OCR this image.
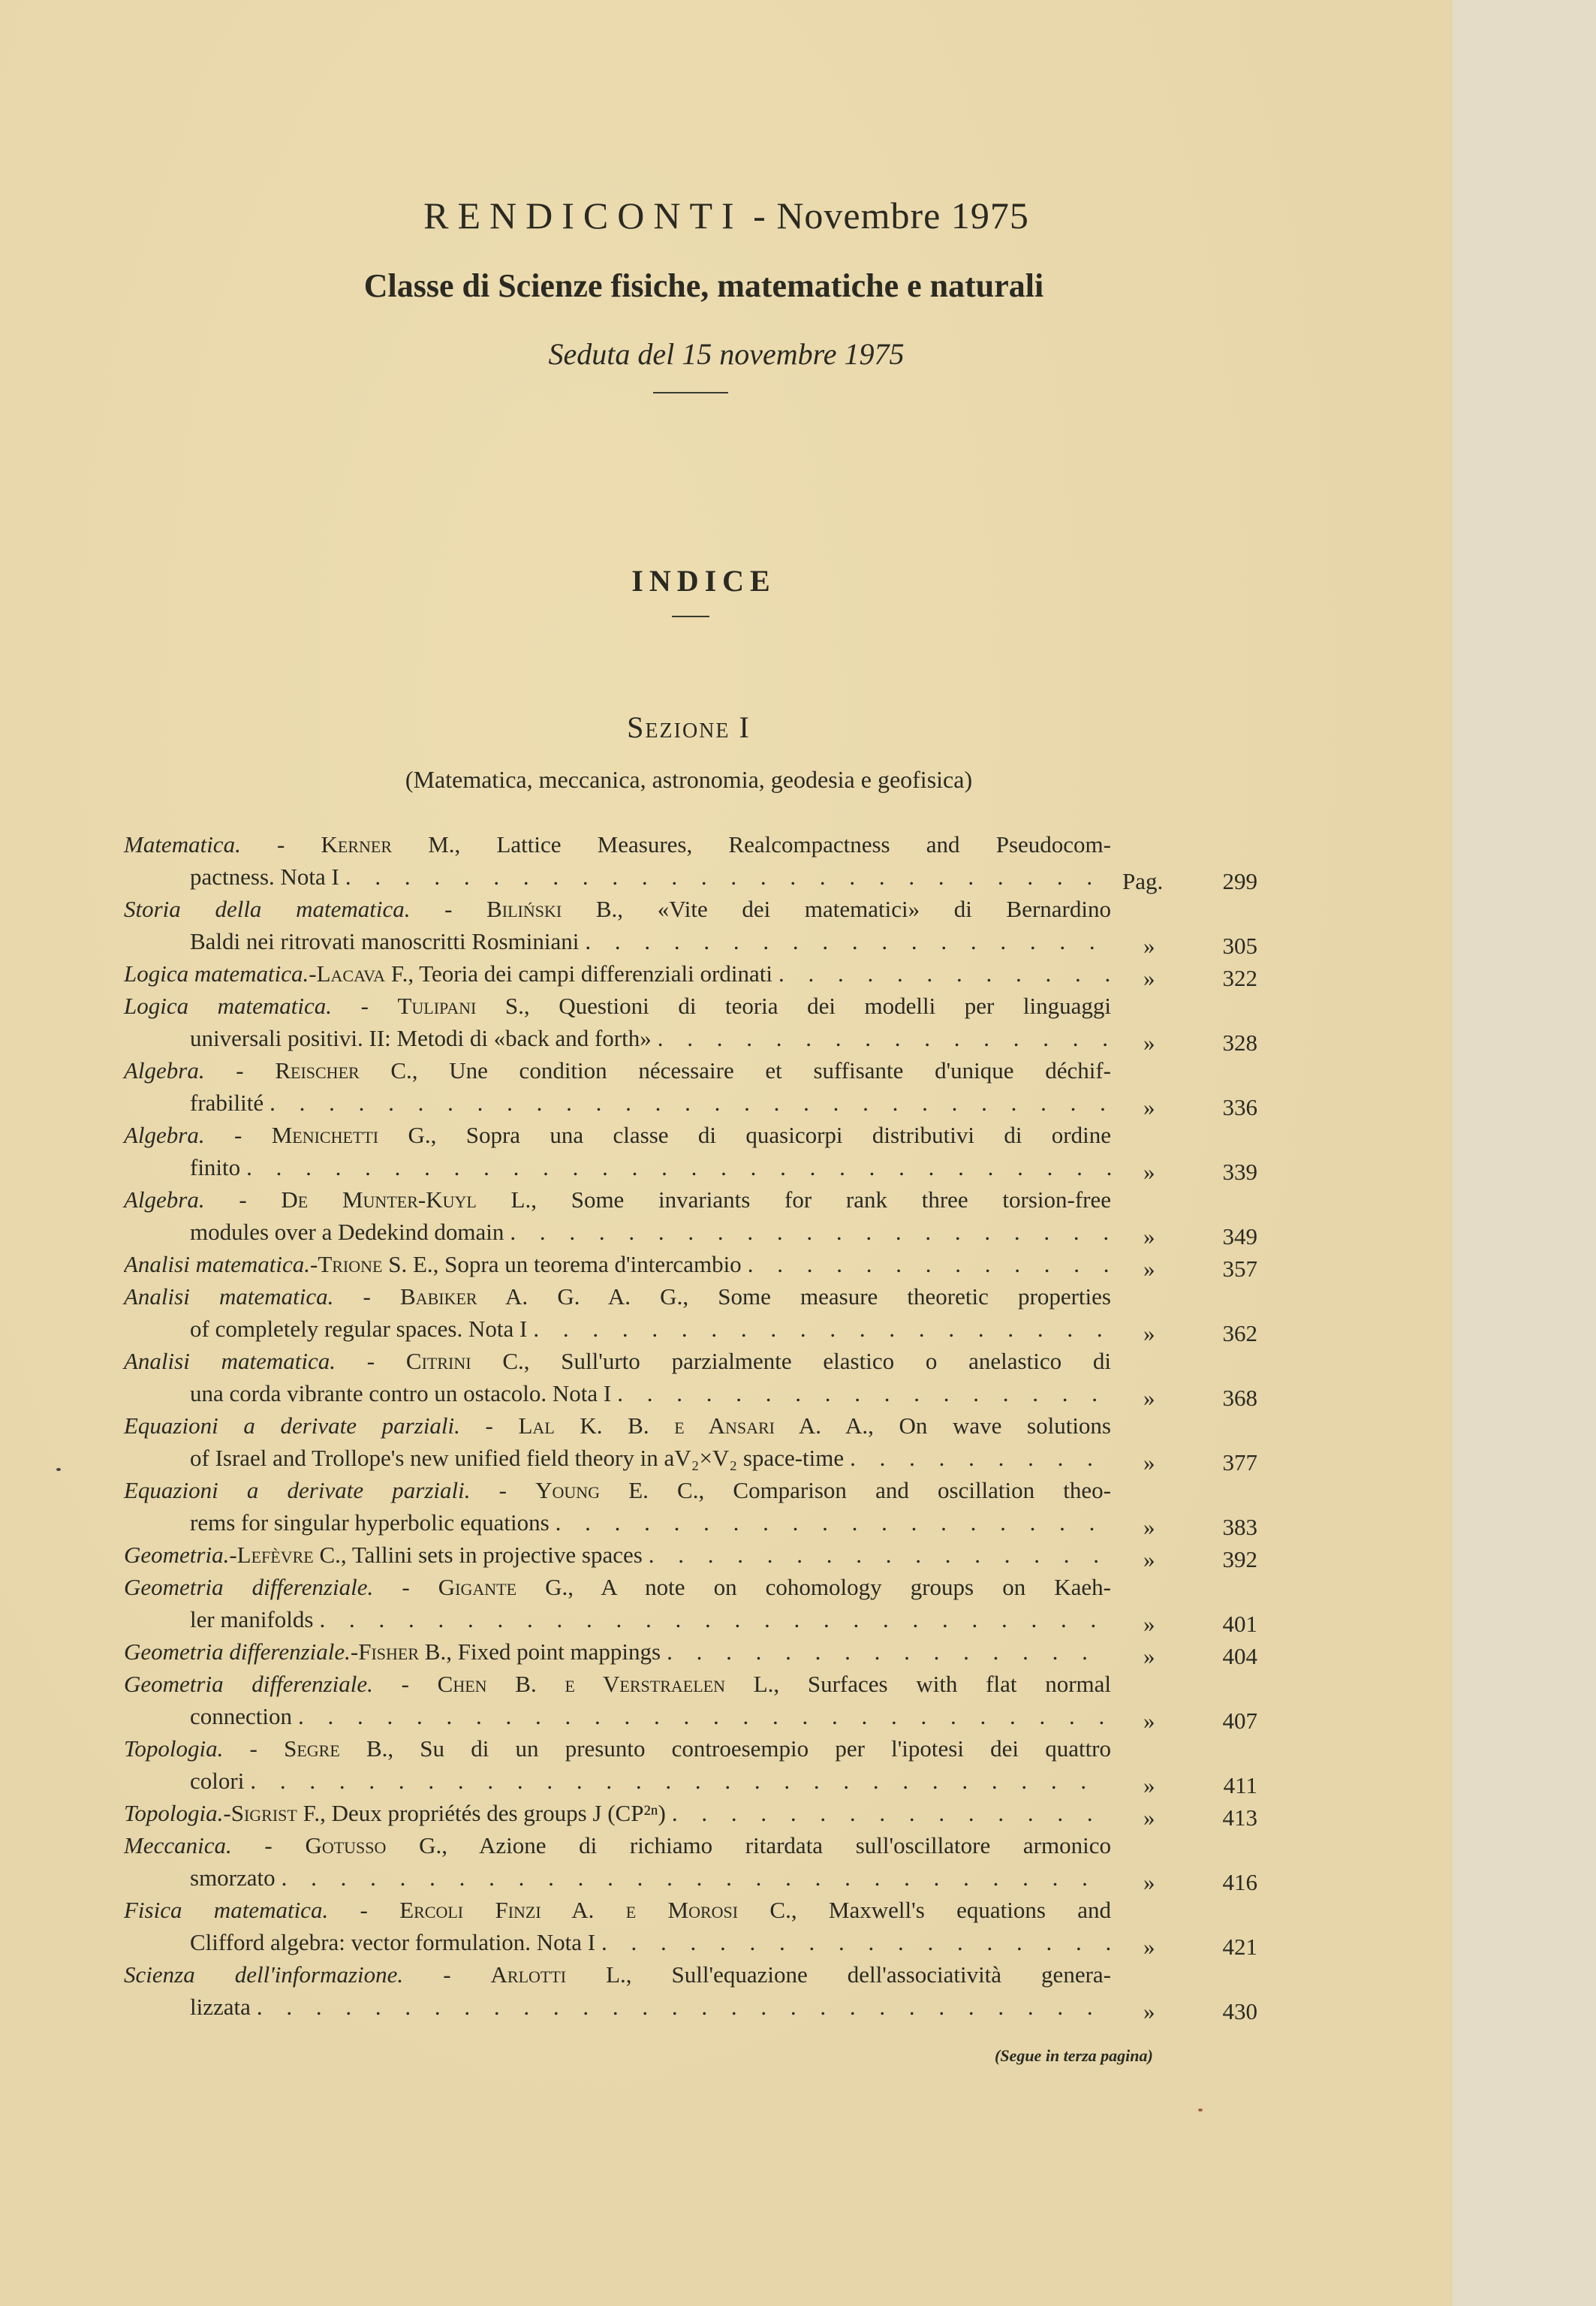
RENDICONTI - Novembre 1975
Classe di Scienze fisiche, matematiche e naturali
Seduta del 15 novembre 1975
INDICE
Sezione I
(Matematica, meccanica, astronomia, geodesia e geofisica)
Matematica. - Kerner M., Lattice Measures, Realcompactness and Pseudocom-
pactness. Nota I . . .	Pag.	299
Storia della matematica. - Biliński B., «Vite dei matematici» di Bernardino
Baldi nei ritrovati manoscritti Rosminiani . . .	»	305
Logica matematica. - Lacava F. , Teoria dei campi differenziali ordinati . . .	»	322
Logica matematica. - Tulipani S., Questioni di teoria dei modelli per linguaggi
universali positivi. II: Metodi di «back and forth» . . .	»	328
Algebra. - Reischer C., Une condition nécessaire et suffisante d'unique déchif-
frabilité . . .	»	336
Algebra. - Menichetti G., Sopra una classe di quasicorpi distributivi di ordine
finito . . .	»	339
Algebra. - De Munter-Kuyl L., Some invariants for rank three torsion-free
modules over a Dedekind domain . . .	»	349
Analisi matematica. - Trione S. E. , Sopra un teorema d'intercambio . . .	»	357
Analisi matematica. - Babiker A. G. A. G., Some measure theoretic properties
of completely regular spaces. Nota I . . .	»	362
Analisi matematica. - Citrini C., Sull'urto parzialmente elastico o anelastico di
una corda vibrante contro un ostacolo. Nota I . . .	»	368
Equazioni a derivate parziali. - Lal K. B. e Ansari A. A., On wave solutions
of Israel and Trollope's new unified field theory in aV₂×V₂ space-time . . .	»	377
Equazioni a derivate parziali. - Young E. C., Comparison and oscillation theo-
rems for singular hyperbolic equations . . .	»	383
Geometria. - Lefèvre C. , Tallini sets in projective spaces . . .	»	392
Geometria differenziale. - Gigante G., A note on cohomology groups on Kaeh-
ler manifolds . . .	»	401
Geometria differenziale. - Fisher B. , Fixed point mappings . . .	»	404
Geometria differenziale. - Chen B. e Verstraelen L., Surfaces with flat normal
connection . . .	»	407
Topologia. - Segre B., Su di un presunto controesempio per l'ipotesi dei quattro
colori . . .	»	411
Topologia. - Sigrist F. , Deux propriétés des groups J (CP²ⁿ) . . .	»	413
Meccanica. - Gotusso G., Azione di richiamo ritardata sull'oscillatore armonico
smorzato . . .	»	416
Fisica matematica. - Ercoli Finzi A. e Morosi C., Maxwell's equations and
Clifford algebra: vector formulation. Nota I . . .	»	421
Scienza dell'informazione. - Arlotti L., Sull'equazione dell'associatività genera-
lizzata . . .	»	430
(Segue in terza pagina)
